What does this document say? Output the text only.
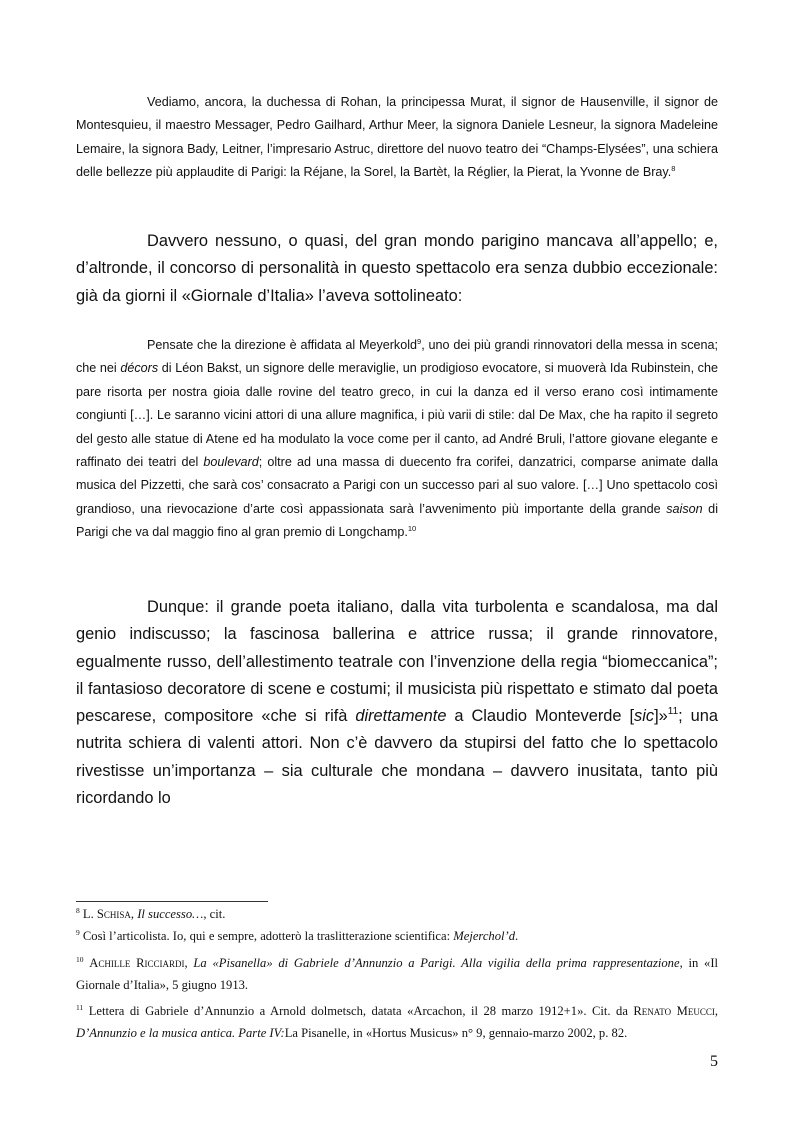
Vediamo, ancora, la duchessa di Rohan, la principessa Murat, il signor de Hausenville, il signor de Montesquieu, il maestro Messager, Pedro Gailhard, Arthur Meer, la signora Daniele Lesneur, la signora Madeleine Lemaire, la signora Bady, Leitner, l’impresario Astruc, direttore del nuovo teatro dei “Champs-Elysées”, una schiera delle bellezze più applaudite di Parigi: la Réjane, la Sorel, la Bartèt, la Réglier, la Pierat, la Yvonne de Bray.$^8$
Davvero nessuno, o quasi, del gran mondo parigino mancava all’appello; e, d’altronde, il concorso di personalità in questo spettacolo era senza dubbio eccezionale: già da giorni il «Giornale d’Italia» l’aveva sottolineato:
Pensate che la direzione è affidata al Meyerkold$^9$, uno dei più grandi rinnovatori della messa in scena; che nei décors di Léon Bakst, un signore delle meraviglie, un prodigioso evocatore, si muoverà Ida Rubinstein, che pare risorta per nostra gioia dalle rovine del teatro greco, in cui la danza ed il verso erano così intimamente congiunti […]. Le saranno vicini attori di una allure magnifica, i più varii di stile: dal De Max, che ha rapito il segreto del gesto alle statue di Atene ed ha modulato la voce come per il canto, ad André Bruli, l’attore giovane elegante e raffinato dei teatri del boulevard; oltre ad una massa di duecento fra corifei, danzatrici, comparse animate dalla musica del Pizzetti, che sarà cos’ consacrato a Parigi con un successo pari al suo valore. […] Uno spettacolo così grandioso, una rievocazione d’arte così appassionata sarà l’avvenimento più importante della grande saison di Parigi che va dal maggio fino al gran premio di Longchamp.$^{10}$
Dunque: il grande poeta italiano, dalla vita turbolenta e scandalosa, ma dal genio indiscusso; la fascinosa ballerina e attrice russa; il grande rinnovatore, egualmente russo, dell’allestimento teatrale con l’invenzione della regia “biomeccanica”; il fantasioso decoratore di scene e costumi; il musicista più rispettato e stimato dal poeta pescarese, compositore «che si rifà direttamente a Claudio Monteverde [sic]»$^{11}$; una nutrita schiera di valenti attori. Non c’è davvero da stupirsi del fatto che lo spettacolo rivestisse un’importanza – sia culturale che mondana – davvero inusitata, tanto più ricordando lo
$^8$ L. Schisa, Il successo…, cit.
$^9$ Così l’articolista. Io, qui e sempre, adotterò la traslitterazione scientifica: Mejerchol’d.
$^{10}$ Achille Ricciardi, La «Pisanella» di Gabriele d’Annunzio a Parigi. Alla vigilia della prima rappresentazione, in «Il Giornale d’Italia», 5 giugno 1913.
$^{11}$ Lettera di Gabriele d’Annunzio a Arnold dolmetsch, datata «Arcachon, il 28 marzo 1912+1». Cit. da Renato Meucci, D’Annunzio e la musica antica. Parte IV:La Pisanelle, in «Hortus Musicus» n° 9, gennaio-marzo 2002, p. 82.
5
